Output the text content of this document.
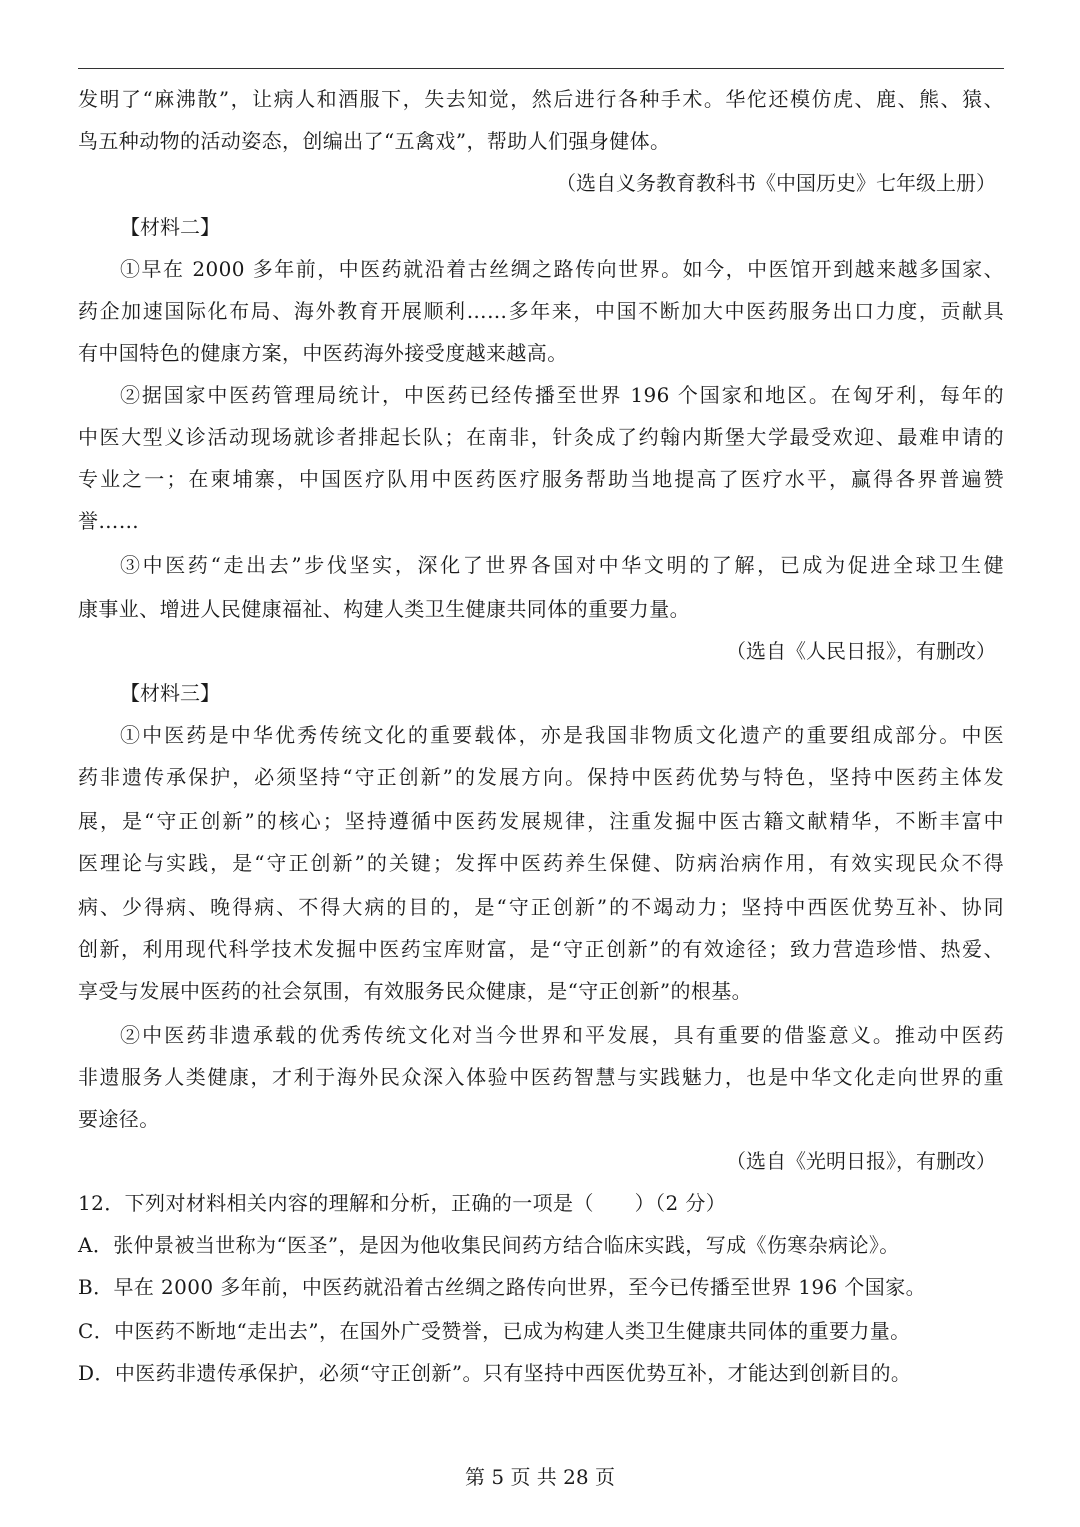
发明了“麻沸散”，让病人和酒服下，失去知觉，然后进行各种手术。华佗还模仿虎、鹿、熊、猿、
鸟五种动物的活动姿态，创编出了“五禽戏”，帮助人们强身健体。
（选自义务教育教科书《中国历史》七年级上册）
【材料二】
①早在 2000 多年前，中医药就沿着古丝绸之路传向世界。如今，中医馆开到越来越多国家、
药企加速国际化布局、海外教育开展顺利……多年来，中国不断加大中医药服务出口力度，贡献具
有中国特色的健康方案，中医药海外接受度越来越高。
②据国家中医药管理局统计，中医药已经传播至世界 196 个国家和地区。在匈牙利，每年的
中医大型义诊活动现场就诊者排起长队；在南非，针灸成了约翰内斯堡大学最受欢迎、最难申请的
专业之一；在柬埔寨，中国医疗队用中医药医疗服务帮助当地提高了医疗水平，赢得各界普遍赞
誉……
③中医药“走出去”步伐坚实，深化了世界各国对中华文明的了解，已成为促进全球卫生健
康事业、增进人民健康福祉、构建人类卫生健康共同体的重要力量。
（选自《人民日报》，有删改）
【材料三】
①中医药是中华优秀传统文化的重要载体，亦是我国非物质文化遗产的重要组成部分。中医
药非遗传承保护，必须坚持“守正创新”的发展方向。保持中医药优势与特色，坚持中医药主体发
展，是“守正创新”的核心；坚持遵循中医药发展规律，注重发掘中医古籍文献精华，不断丰富中
医理论与实践，是“守正创新”的关键；发挥中医药养生保健、防病治病作用，有效实现民众不得
病、少得病、晚得病、不得大病的目的，是“守正创新”的不竭动力；坚持中西医优势互补、协同
创新，利用现代科学技术发掘中医药宝库财富，是“守正创新”的有效途径；致力营造珍惜、热爱、
享受与发展中医药的社会氛围，有效服务民众健康，是“守正创新”的根基。
②中医药非遗承载的优秀传统文化对当今世界和平发展，具有重要的借鉴意义。推动中医药
非遗服务人类健康，才利于海外民众深入体验中医药智慧与实践魅力，也是中华文化走向世界的重
要途径。
（选自《光明日报》，有删改）
12．下列对材料相关内容的理解和分析，正确的一项是（　　）（2 分）
A．张仲景被当世称为“医圣”，是因为他收集民间药方结合临床实践，写成《伤寒杂病论》。
B．早在 2000 多年前，中医药就沿着古丝绸之路传向世界，至今已传播至世界 196 个国家。
C．中医药不断地“走出去”，在国外广受赞誉，已成为构建人类卫生健康共同体的重要力量。
D．中医药非遗传承保护，必须“守正创新”。只有坚持中西医优势互补，才能达到创新目的。
第 5 页 共 28 页
